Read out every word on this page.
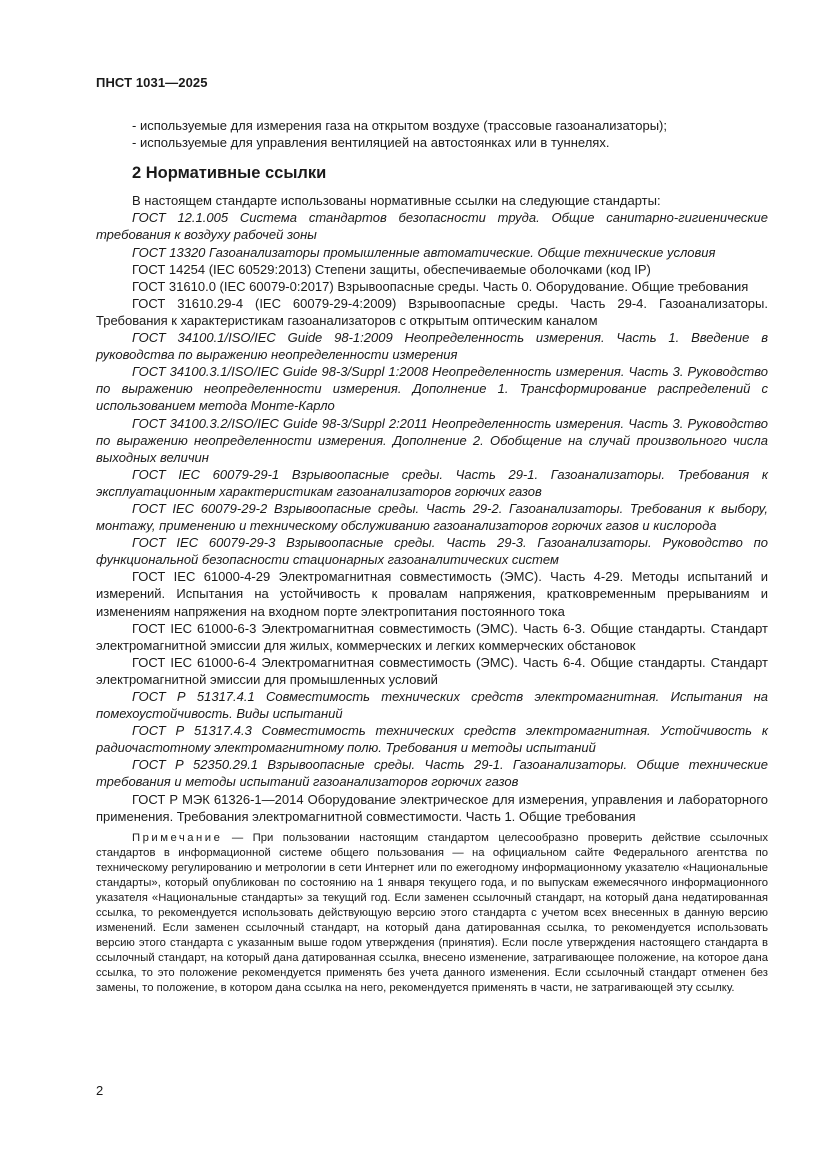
ПНСТ 1031—2025

- используемые для измерения газа на открытом воздухе (трассовые газоанализаторы);

- используемые для управления вентиляцией на автостоянках или в туннелях.

2 Нормативные ссылки

В настоящем стандарте использованы нормативные ссылки на следующие стандарты:

ГОСТ 12.1.005 Система стандартов безопасности труда. Общие санитарно-гигиенические требования к воздуху рабочей зоны

ГОСТ 13320 Газоанализаторы промышленные автоматические. Общие технические условия

ГОСТ 14254 (IEC 60529:2013) Степени защиты, обеспечиваемые оболочками (код IP)

ГОСТ 31610.0 (IEC 60079-0:2017) Взрывоопасные среды. Часть 0. Оборудование. Общие требования

ГОСТ 31610.29-4 (IEC 60079-29-4:2009) Взрывоопасные среды. Часть 29-4. Газоанализаторы. Требования к характеристикам газоанализаторов с открытым оптическим каналом

ГОСТ 34100.1/ISO/IEC Guide 98-1:2009 Неопределенность измерения. Часть 1. Введение в руководства по выражению неопределенности измерения

ГОСТ 34100.3.1/ISO/IEC Guide 98-3/Suppl 1:2008 Неопределенность измерения. Часть 3. Руководство по выражению неопределенности измерения. Дополнение 1. Трансформирование распределений с использованием метода Монте-Карло

ГОСТ 34100.3.2/ISO/IEC Guide 98-3/Suppl 2:2011 Неопределенность измерения. Часть 3. Руководство по выражению неопределенности измерения. Дополнение 2. Обобщение на случай произвольного числа выходных величин

ГОСТ IEC 60079-29-1 Взрывоопасные среды. Часть 29-1. Газоанализаторы. Требования к эксплуатационным характеристикам газоанализаторов горючих газов

ГОСТ IEC 60079-29-2 Взрывоопасные среды. Часть 29-2. Газоанализаторы. Требования к выбору, монтажу, применению и техническому обслуживанию газоанализаторов горючих газов и кислорода

ГОСТ IEC 60079-29-3 Взрывоопасные среды. Часть 29-3. Газоанализаторы. Руководство по функциональной безопасности стационарных газоаналитических систем

ГОСТ IEC 61000-4-29 Электромагнитная совместимость (ЭМС). Часть 4-29. Методы испытаний и измерений. Испытания на устойчивость к провалам напряжения, кратковременным прерываниям и изменениям напряжения на входном порте электропитания постоянного тока

ГОСТ IEC 61000-6-3 Электромагнитная совместимость (ЭМС). Часть 6-3. Общие стандарты. Стандарт электромагнитной эмиссии для жилых, коммерческих и легких коммерческих обстановок

ГОСТ IEC 61000-6-4 Электромагнитная совместимость (ЭМС). Часть 6-4. Общие стандарты. Стандарт электромагнитной эмиссии для промышленных условий

ГОСТ Р 51317.4.1 Совместимость технических средств электромагнитная. Испытания на помехоустойчивость. Виды испытаний

ГОСТ Р 51317.4.3 Совместимость технических средств электромагнитная. Устойчивость к радиочастотному электромагнитному полю. Требования и методы испытаний

ГОСТ Р 52350.29.1 Взрывоопасные среды. Часть 29-1. Газоанализаторы. Общие технические требования и методы испытаний газоанализаторов горючих газов

ГОСТ Р МЭК 61326-1—2014 Оборудование электрическое для измерения, управления и лабораторного применения. Требования электромагнитной совместимости. Часть 1. Общие требования

Примечание — При пользовании настоящим стандартом целесообразно проверить действие ссылочных стандартов в информационной системе общего пользования — на официальном сайте Федерального агентства по техническому регулированию и метрологии в сети Интернет или по ежегодному информационному указателю «Национальные стандарты», который опубликован по состоянию на 1 января текущего года, и по выпускам ежемесячного информационного указателя «Национальные стандарты» за текущий год. Если заменен ссылочный стандарт, на который дана недатированная ссылка, то рекомендуется использовать действующую версию этого стандарта с учетом всех внесенных в данную версию изменений. Если заменен ссылочный стандарт, на который дана датированная ссылка, то рекомендуется использовать версию этого стандарта с указанным выше годом утверждения (принятия). Если после утверждения настоящего стандарта в ссылочный стандарт, на который дана датированная ссылка, внесено изменение, затрагивающее положение, на которое дана ссылка, то это положение рекомендуется применять без учета данного изменения. Если ссылочный стандарт отменен без замены, то положение, в котором дана ссылка на него, рекомендуется применять в части, не затрагивающей эту ссылку.

2
